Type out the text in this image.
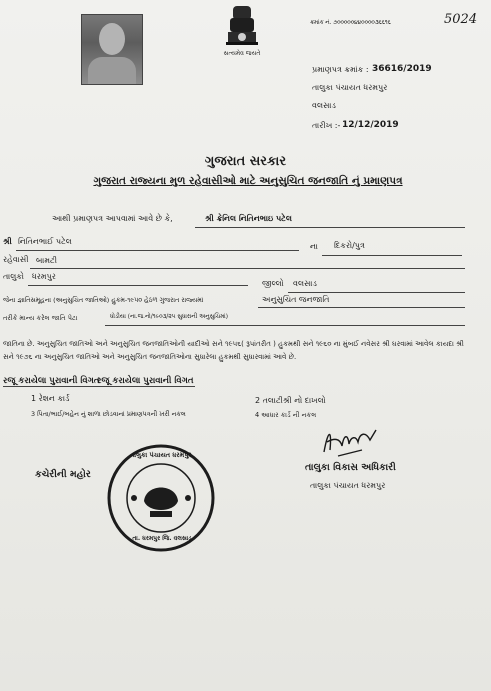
સત્યમેવ જયતે
ક્રમાંક નં. ૭૦૦૦૦૦૪૪૦૦૦૦૩૬૬૧૬	5024
પ્રમાણપત્ર ક્રમાંક : 36616/2019
તાલુકા પંચાયત ધરમપુર
વલસાડ
તારીખ :- 12/12/2019
ગુજરાત સરકાર
ગુજરાત રાજ્યના મુળ રહેવાસીઓ માટે અનુસુચિત જનજાતિ નું પ્રમાણપત્ર
આથી પ્રમાણપત્ર આપવામાં આવે છે કે,	શ્રી ક્રેનિલ નિતિનભાઇ પટેલ
શ્રી નિતિનભાઈ પટેલ
ના દિકરો/પુત્ર
રહેવાસી બામટી
તાલુકો ધરમપુર
જીલ્લો વલસાડ
જેના જ્ઞાતિસમૂહના (અનુસુચિત જાતિઓ) હુકમ-૧૯૫૦ હેઠળ ગુજરાત રાજ્યમાં	અનુસુચિત જનજાતિ
તરીકે માન્ય કરેલ જાતિ પેટા	ધોડીયા (ના.જ.નો/૧૯૦૩/૨૫ સુધારાની અનુસુચિમાં)
જાતિના છે. અનુસુચિત જાતિઓ અને અનુસુચિત જનજાતિઓની યાદીઓ સને ૧૯૫૬( રૂપાંતરીત ) હુકમથી સને ૧૯૬૦ ના મુંબઈ નવેસર શ્રી ઘરવામાં આવેલ કાયદા શ્રી સને ૧૯૭૬ ના અનુસુચિત જાતિઓ અને અનુસુચિત જનજાતિઓના સુધારેલા હુકમથી સુધારવામાં આવે છે.
રજૂ કરાયેલા પુરાવાની વિગત
રજૂ કરાયેલા પુરાવાની વિગત
1 રેશન કાર્ડ	2 તલાટીશ્રી નો દાખલો
3 પિતા/ભાઈ/બહેન નું શાળા છોડવાનાં પ્રમાણપત્રની ખરી નકલ	4 આધાર કાર્ડ ની નકલ
કચેરીની મહોર
તાલુકા પંચાયત ધરમપુર
તા. ધરમપુર જિ. વલસાડ
તાલુકા વિકાસ અધિકારી
તાલુકા પંચાયત ધરમપુર
